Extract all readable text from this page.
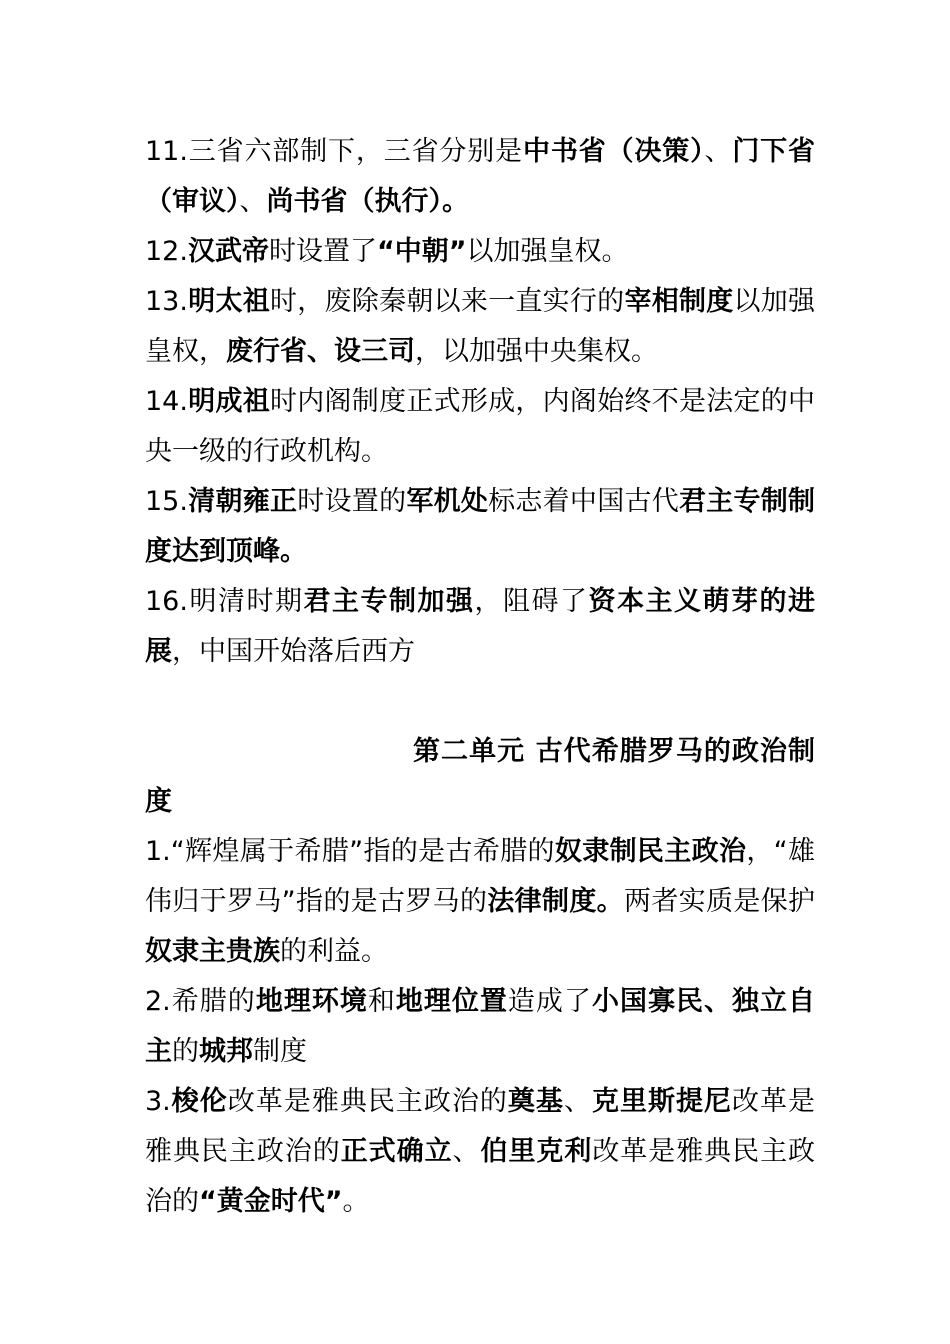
11.三省六部制下，三省分别是中书省（决策）、门下省（审议）、尚书省（执行）。

12.汉武帝时设置了“中朝”以加强皇权。

13.明太祖时，废除秦朝以来一直实行的宰相制度以加强皇权，废行省、设三司，以加强中央集权。

14.明成祖时内阁制度正式形成，内阁始终不是法定的中央一级的行政机构。

15.清朝雍正时设置的军机处标志着中国古代君主专制制度达到顶峰。

16.明清时期君主专制加强，阻碍了资本主义萌芽的进展，中国开始落后西方

第二单元 古代希腊罗马的政治制度

1.“辉煌属于希腊”指的是古希腊的奴隶制民主政治，“雄伟归于罗马”指的是古罗马的法律制度。两者实质是保护奴隶主贵族的利益。

2.希腊的地理环境和地理位置造成了小国寡民、独立自主的城邦制度

3.梭伦改革是雅典民主政治的奠基、克里斯提尼改革是雅典民主政治的正式确立、伯里克利改革是雅典民主政治的“黄金时代”。
